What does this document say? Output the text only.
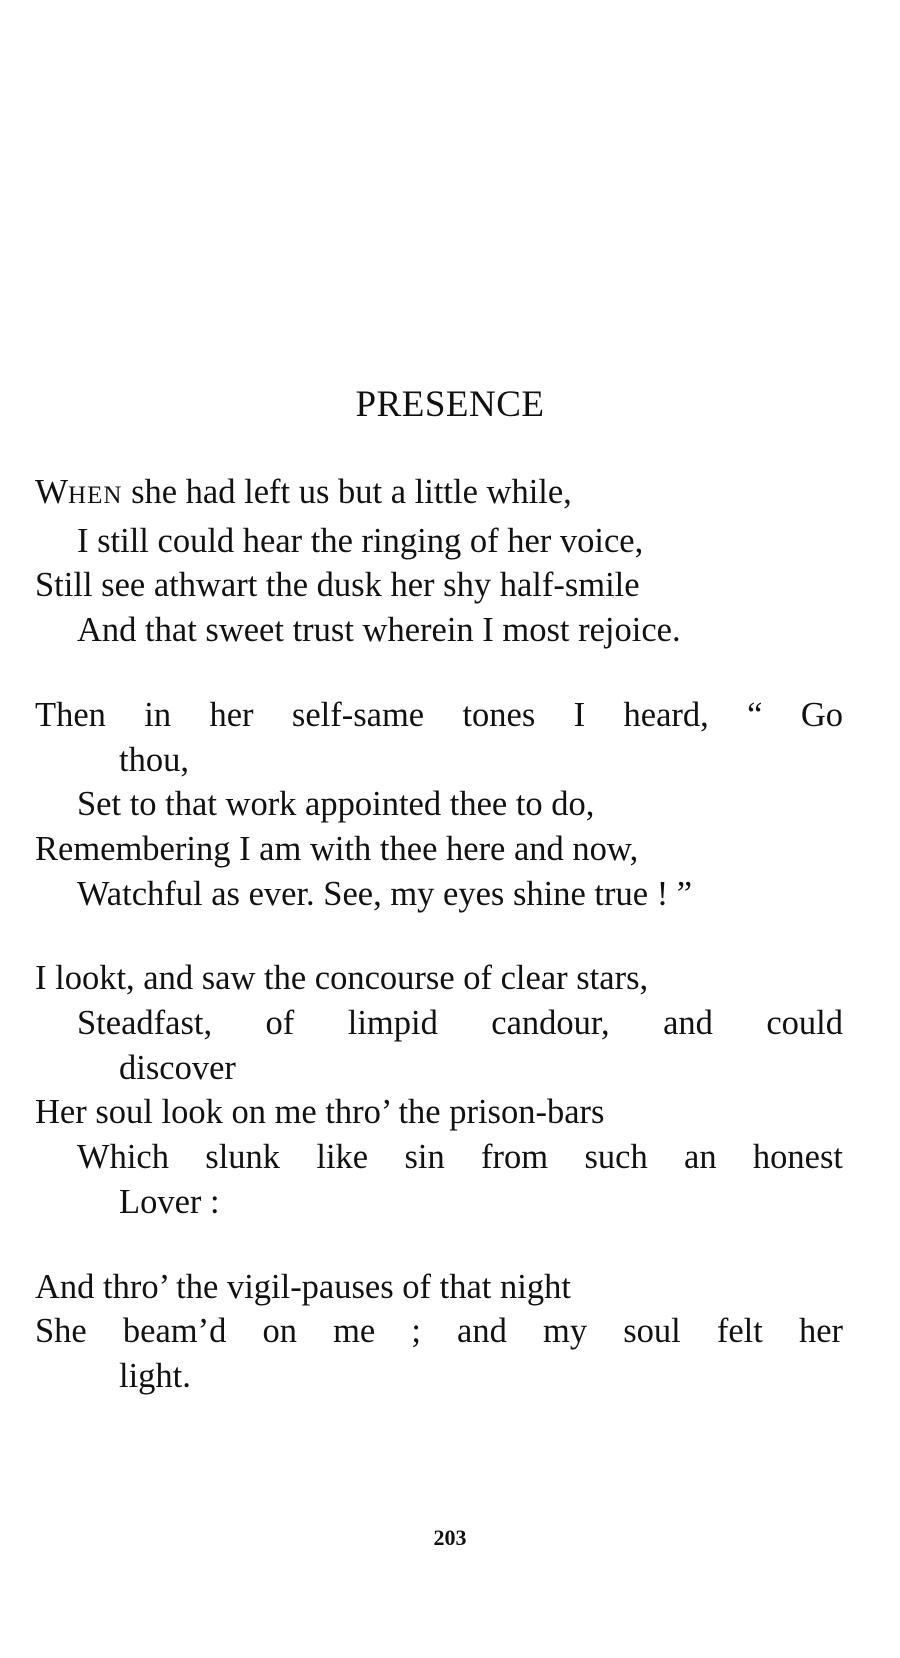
PRESENCE
WHEN she had left us but a little while,
I still could hear the ringing of her voice,
Still see athwart the dusk her shy half-smile
And that sweet trust wherein I most rejoice.
Then in her self-same tones I heard, “ Go
thou,
Set to that work appointed thee to do,
Remembering I am with thee here and now,
Watchful as ever. See, my eyes shine true ! ”
I lookt, and saw the concourse of clear stars,
Steadfast, of limpid candour, and could
discover
Her soul look on me thro’ the prison-bars
Which slunk like sin from such an honest
Lover :
And thro’ the vigil-pauses of that night
She beam’d on me ; and my soul felt her
light.
203
